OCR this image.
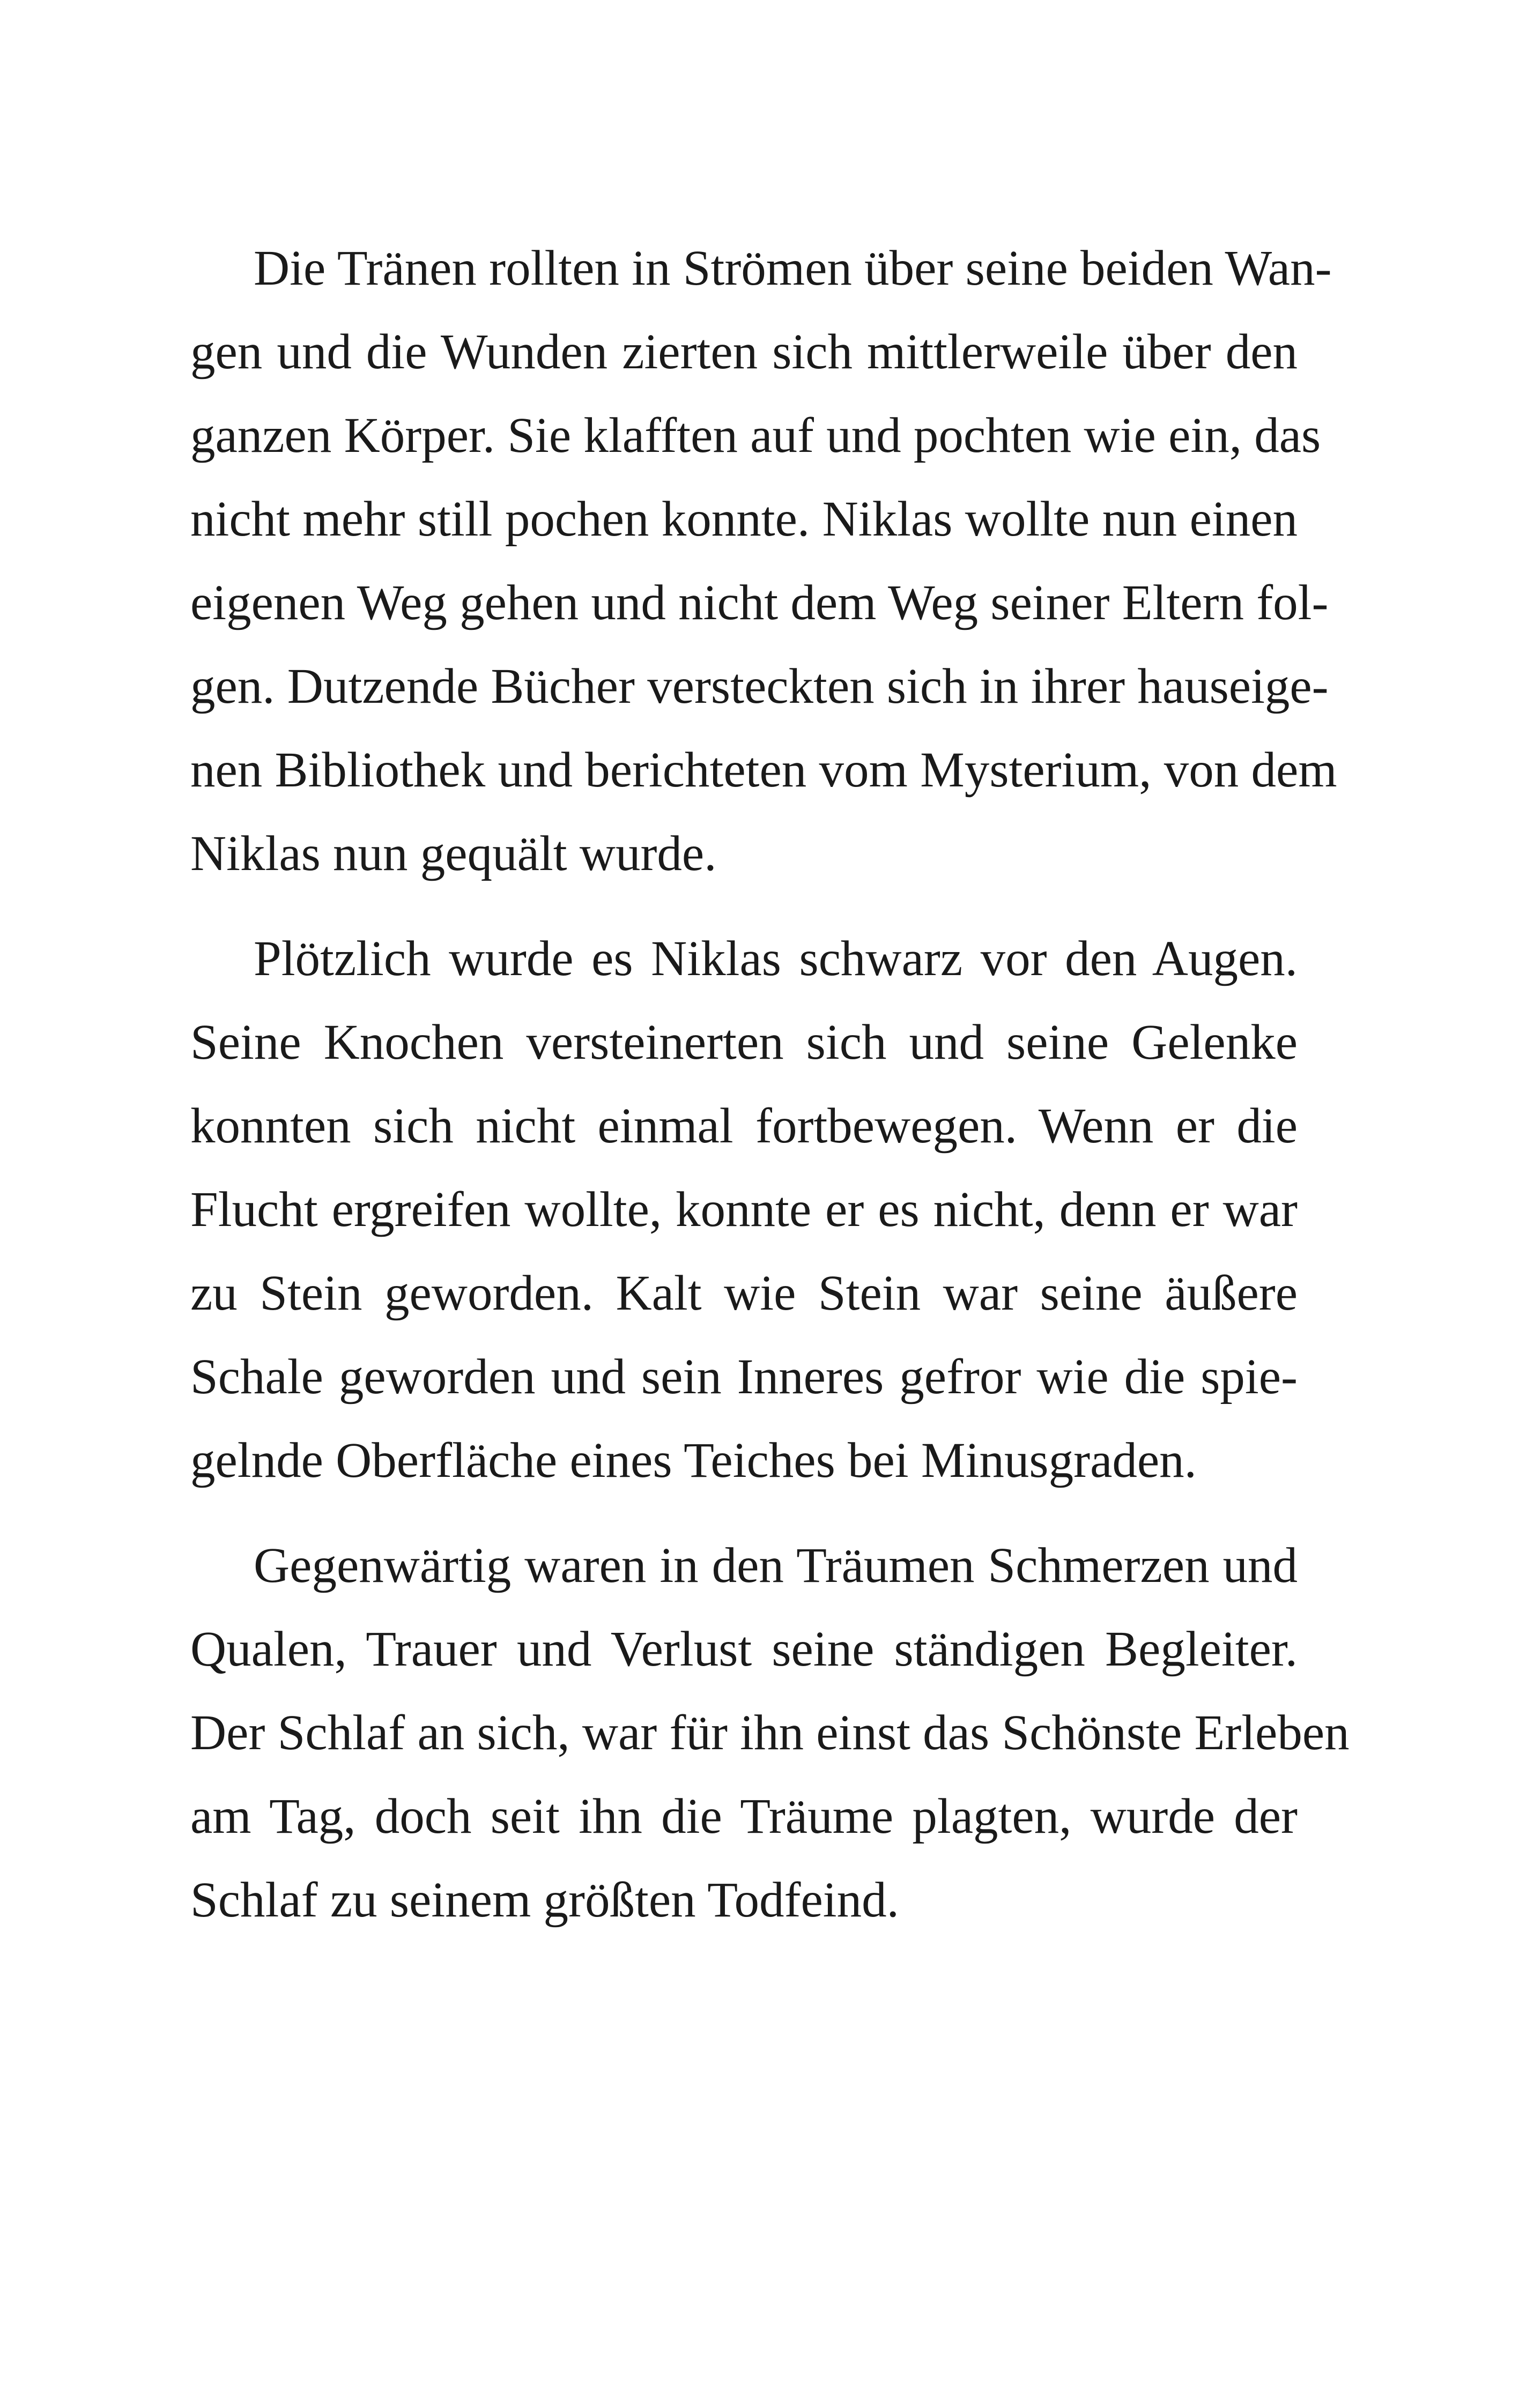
Die Tränen rollten in Strömen über seine beiden Wan-
gen und die Wunden zierten sich mittlerweile über den
ganzen Körper. Sie klafften auf und pochten wie ein, das
nicht mehr still pochen konnte. Niklas wollte nun einen
eigenen Weg gehen und nicht dem Weg seiner Eltern fol-
gen. Dutzende Bücher versteckten sich in ihrer hauseige-
nen Bibliothek und berichteten vom Mysterium, von dem
Niklas nun gequält wurde.
Plötzlich wurde es Niklas schwarz vor den Augen.
Seine Knochen versteinerten sich und seine Gelenke
konnten sich nicht einmal fortbewegen. Wenn er die
Flucht ergreifen wollte, konnte er es nicht, denn er war
zu Stein geworden. Kalt wie Stein war seine äußere
Schale geworden und sein Inneres gefror wie die spie-
gelnde Oberfläche eines Teiches bei Minusgraden.
Gegenwärtig waren in den Träumen Schmerzen und
Qualen, Trauer und Verlust seine ständigen Begleiter.
Der Schlaf an sich, war für ihn einst das Schönste Erleben
am Tag, doch seit ihn die Träume plagten, wurde der
Schlaf zu seinem größten Todfeind.
